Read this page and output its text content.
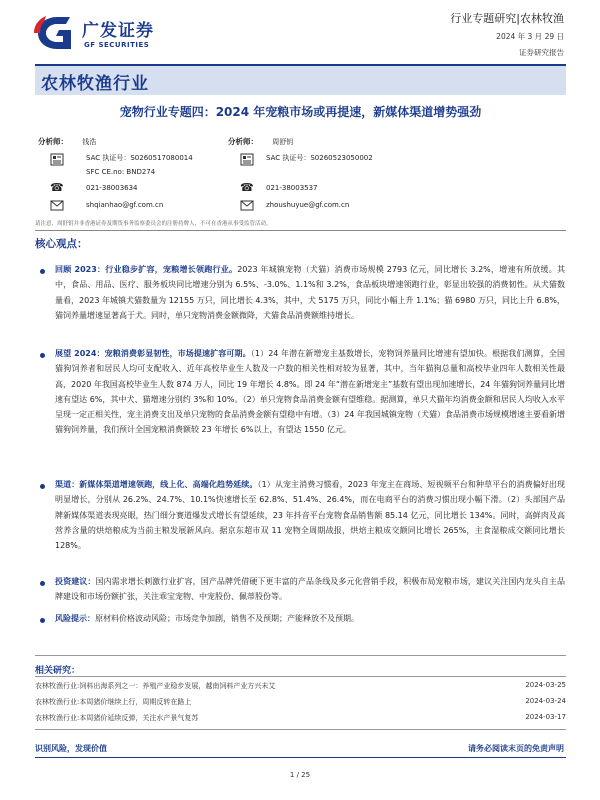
广发证券
GF SECURITIES
行业专题研究|农林牧渔
2024 年 3 月 29 日
证券研究报告
农林牧渔行业
宠物行业专题四：2024 年宠粮市场或再提速，新媒体渠道增势强劲
分析师： 钱浩
SAC 执证号：S0260517080014
SFC CE.no: BND274
☎	021-38003634
shqianhao@gf.com.cn
分析师： 周舒钥
SAC 执证号：S0260523050002
☎ 021-38003537
zhoushuyue@gf.com.cn
请注意，周舒钥并非香港证券及期货事务监察委员会的注册持牌人，不可在香港从事受监管活动。
核心观点：
回顾 2023：行业稳步扩容，宠粮增长领跑行业。2023 年城镇宠物（犬猫）消费市场规模 2793 亿元，同比增长 3.2%，增速有所放缓。其中，食品、用品、医疗、服务板块同比增速分别为 6.5%、-3.0%、1.1%和 3.2%，食品板块增速领跑行业，彰显出较强的消费韧性。从犬猫数量看，2023 年城镇犬猫数量为 12155 万只，同比增长 4.3%，其中，犬 5175 万只，同比小幅上升 1.1%；猫 6980 万只，同比上升 6.8%，猫饲养量增速显著高于犬。同时，单只宠物消费金额微降，犬猫食品消费额维持增长。
展望 2024：宠粮消费彰显韧性，市场提速扩容可期。（1）24 年潜在新增宠主基数增长，宠物饲养量同比增速有望加快。根据我们测算，全国猫狗饲养者和居民人均可支配收入、近年高校毕业生人数及一户数的相关性相对较为显著，其中，当年猫狗总量和高校毕业四年人数相关性最高，2020 年我国高校毕业生人数 874 万人，同比 19 年增长 4.8%。即 24 年“潜在新增宠主”基数有望出现加速增长，24 年猫狗饲养量同比增速有望达 6%，其中犬、猫增速分别约 3%和 10%。（2）单只宠物食品消费金额有望维稳。据测算，单只犬猫年均消费金额和居民人均收入水平呈现一定正相关性，宠主消费支出及单只宠物的食品消费金额有望稳中有增。（3）24 年我国城镇宠物（犬猫）食品消费市场规模增速主要看新增猫狗饲养量，我们预计全国宠粮消费额较 23 年增长 6%以上，有望达 1550 亿元。
渠道：新媒体渠道增速领跑，线上化、高端化趋势延续。（1）从宠主消费习惯看，2023 年宠主在商场、短视频平台和种草平台的消费偏好出现明显增长，分别从 26.2%、24.7%、10.1%快速增长至 62.8%、51.4%、26.4%，而在电商平台的消费习惯出现小幅下滑。（2）头部国产品牌新媒体渠道表现亮眼，热门细分赛道爆发式增长有望延续，23 年抖音平台宠物食品销售额 85.14 亿元，同比增长 134%。同时，高鲜肉及高营养含量的烘焙粮成为当前主粮发展新风向。据京东超市双 11 宠物全周期战报，烘焙主粮成交额同比增长 265%，主食湿粮成交额同比增长 128%。
投资建议：国内需求增长刺激行业扩容，国产品牌凭借硬下更丰富的产品条线及多元化营销手段，积极布局宠粮市场，建议关注国内龙头自主品牌建设和市场份额扩张，关注乖宝宠物、中宠股份、佩蒂股份等。
风险提示：原材料价格波动风险；市场竞争加剧，销售不及预期；产能释放不及预期。
相关研究：
农林牧渔行业:饲料出海系列之一：养殖产业稳步发展，越南饲料产业方兴未艾	2024-03-25
农林牧渔行业:本周猪价继续上行，周期反转在路上	2024-03-24
农林牧渔行业:本周猪价延续反弹，关注水产景气复苏	2024-03-17
识别风险，发现价值	请务必阅读末页的免责声明
1 / 25
